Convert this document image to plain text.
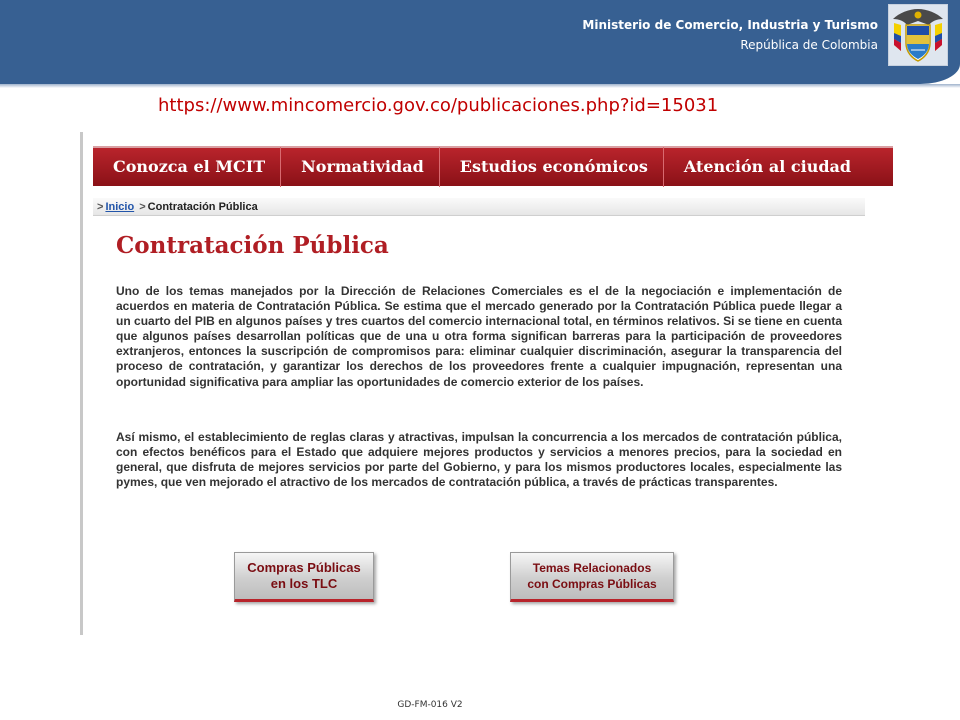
Ministerio de Comercio, Industria y Turismo
República de Colombia
https://www.mincomercio.gov.co/publicaciones.php?id=15031
Conozca el MCIT	Normatividad	Estudios económicos	Atención al ciudad
> Inicio > Contratación Pública
Contratación Pública

Uno de los temas manejados por la Dirección de Relaciones Comerciales es el de la negociación e implementación de acuerdos en materia de Contratación Pública. Se estima que el mercado generado por la Contratación Pública puede llegar a un cuarto del PIB en algunos países y tres cuartos del comercio internacional total, en términos relativos. Si se tiene en cuenta que algunos países desarrollan políticas que de una u otra forma significan barreras para la participación de proveedores extranjeros, entonces la suscripción de compromisos para: eliminar cualquier discriminación, asegurar la transparencia del proceso de contratación, y garantizar los derechos de los proveedores frente a cualquier impugnación, representan una oportunidad significativa para ampliar las oportunidades de comercio exterior de los países.

Así mismo, el establecimiento de reglas claras y atractivas, impulsan la concurrencia a los mercados de contratación pública, con efectos benéficos para el Estado que adquiere mejores productos y servicios a menores precios, para la sociedad en general, que disfruta de mejores servicios por parte del Gobierno, y para los mismos productores locales, especialmente las pymes, que ven mejorado el atractivo de los mercados de contratación pública, a través de prácticas transparentes.

Compras Públicas
en los TLC
Temas Relacionados
con Compras Públicas
GD-FM-016 V2
